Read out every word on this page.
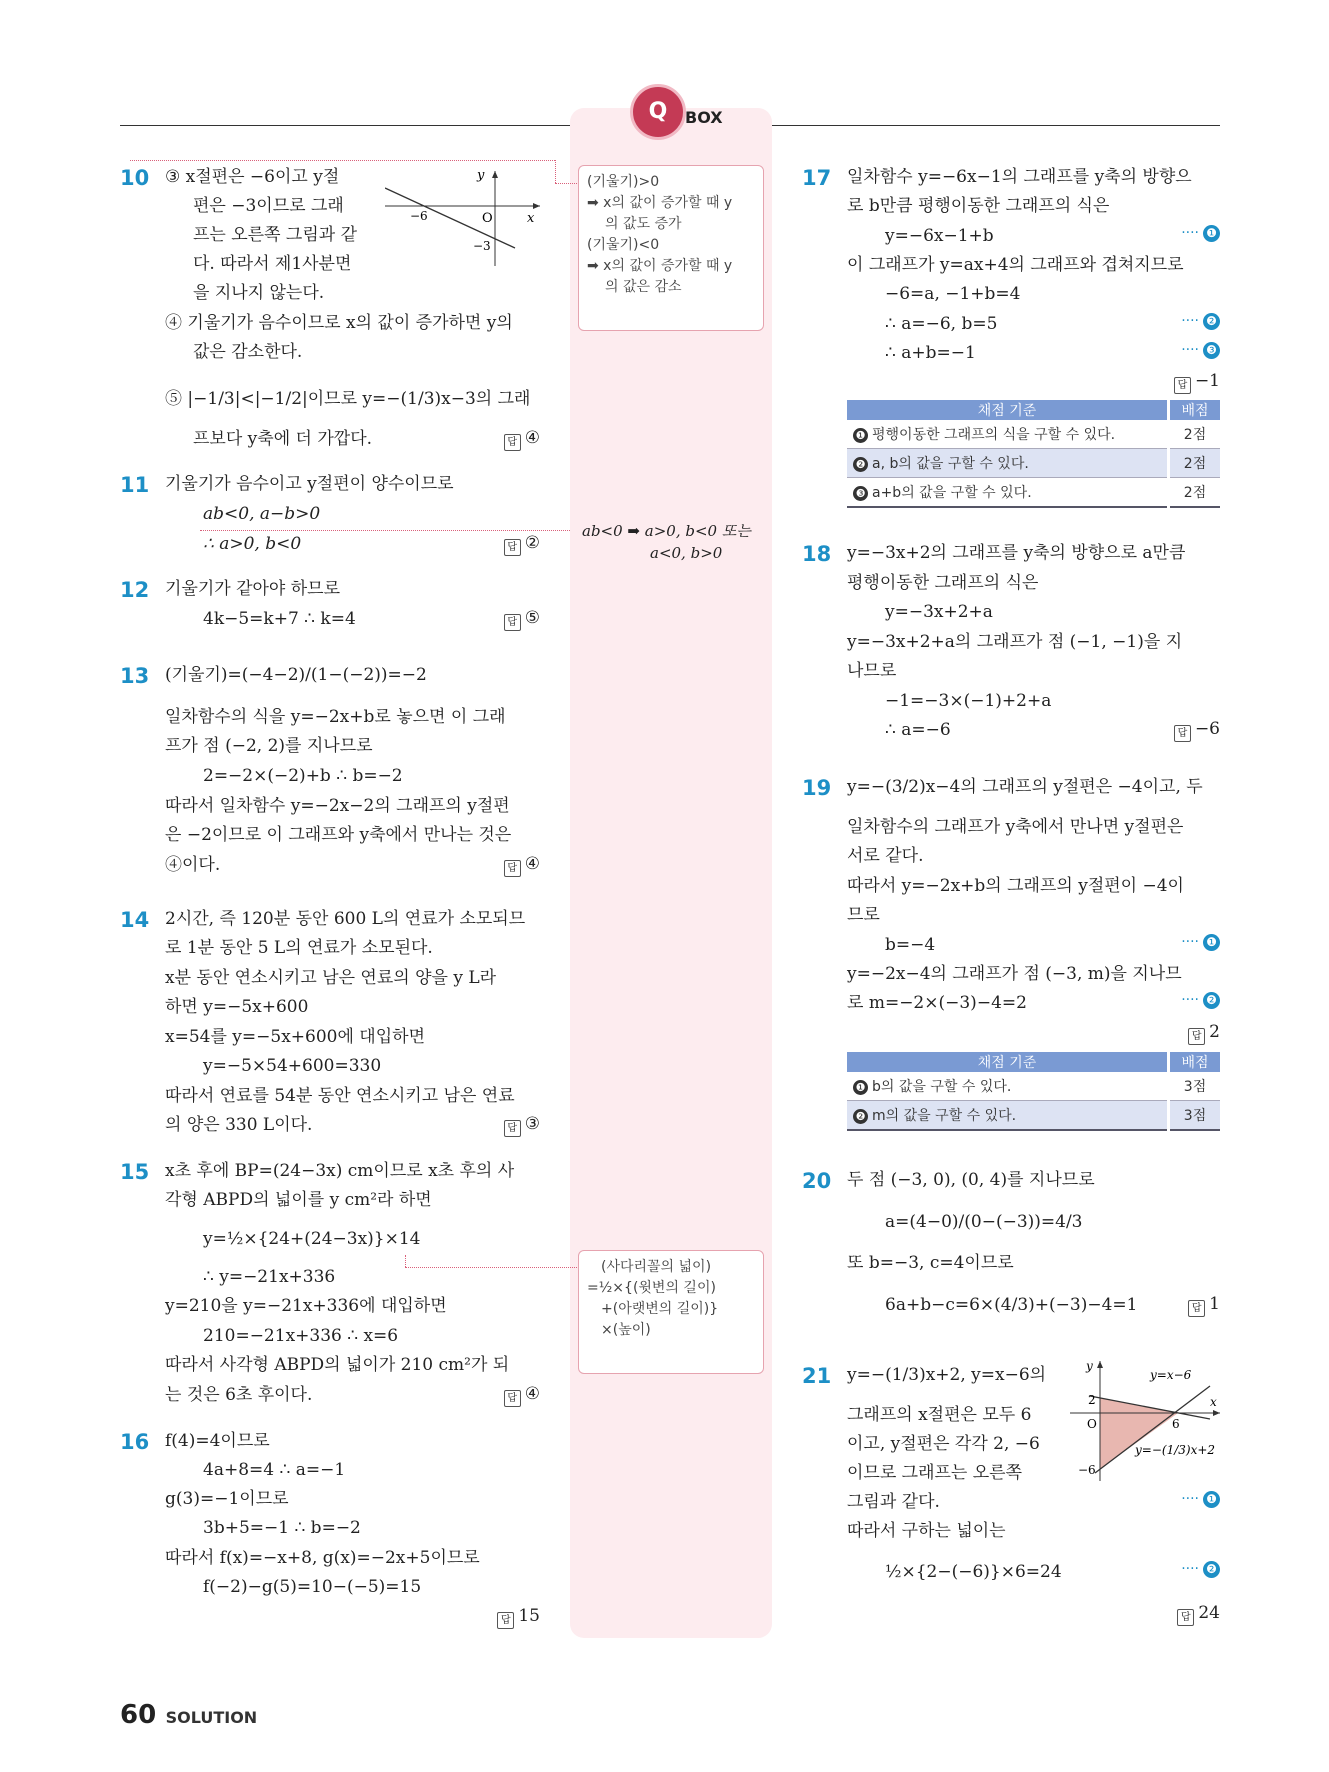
Q	BOX
(기울기)>0
➡ x의 값이 증가할 때 y
의 값도 증가
(기울기)<0
➡ x의 값이 증가할 때 y
의 값은 감소
ab<0 ➡ a>0, b<0 또는
a<0, b>0
(사다리꼴의 넓이)
=½×{(윗변의 길이)
+(아랫변의 길이)}
×(높이)
10 ③ x절편은 −6이고 y절
편은 −3이므로 그래
프는 오른쪽 그림과 같
다. 따라서 제1사분면
을 지나지 않는다.
④ 기울기가 음수이므로 x의 값이 증가하면 y의
값은 감소한다.
⑤ |−1/3|<|−1/2|이므로 y=−(1/3)x−3의 그래
프보다 y축에 더 가깝다.	답 ④
y
x
O
−6
−3
11 기울기가 음수이고 y절편이 양수이므로
ab<0, a−b>0
∴ a>0, b<0	답 ②
12 기울기가 같아야 하므로
4k−5=k+7 ∴ k=4	답 ⑤
13 (기울기)=(−4−2)/(1−(−2))=−2
일차함수의 식을 y=−2x+b로 놓으면 이 그래
프가 점 (−2, 2)를 지나므로
2=−2×(−2)+b ∴ b=−2
따라서 일차함수 y=−2x−2의 그래프의 y절편
은 −2이므로 이 그래프와 y축에서 만나는 것은
④이다.	답 ④
14 2시간, 즉 120분 동안 600 L의 연료가 소모되므
로 1분 동안 5 L의 연료가 소모된다.
x분 동안 연소시키고 남은 연료의 양을 y L라
하면 y=−5x+600
x=54를 y=−5x+600에 대입하면
y=−5×54+600=330
따라서 연료를 54분 동안 연소시키고 남은 연료
의 양은 330 L이다.	답 ③
15 x초 후에 BP=(24−3x) cm이므로 x초 후의 사
각형 ABPD의 넓이를 y cm²라 하면
y=½×{24+(24−3x)}×14
∴ y=−21x+336
y=210을 y=−21x+336에 대입하면
210=−21x+336 ∴ x=6
따라서 사각형 ABPD의 넓이가 210 cm²가 되
는 것은 6초 후이다.	답 ④
16 f(4)=4이므로
4a+8=4 ∴ a=−1
g(3)=−1이므로
3b+5=−1 ∴ b=−2
따라서 f(x)=−x+8, g(x)=−2x+5이므로
f(−2)−g(5)=10−(−5)=15
답 15
17 일차함수 y=−6x−1의 그래프를 y축의 방향으
로 b만큼 평행이동한 그래프의 식은
y=−6x−1+b	···· ❶
이 그래프가 y=ax+4의 그래프와 겹쳐지므로
−6=a, −1+b=4
∴ a=−6, b=5	···· ❷
∴ a+b=−1	···· ❸
답 −1
채점 기준	배점
❶ 평행이동한 그래프의 식을 구할 수 있다.	2점
❷ a, b의 값을 구할 수 있다.	2점
❸ a+b의 값을 구할 수 있다.	2점
18 y=−3x+2의 그래프를 y축의 방향으로 a만큼
평행이동한 그래프의 식은
y=−3x+2+a
y=−3x+2+a의 그래프가 점 (−1, −1)을 지
나므로
−1=−3×(−1)+2+a
∴ a=−6	답 −6
19 y=−(3/2)x−4의 그래프의 y절편은 −4이고, 두
일차함수의 그래프가 y축에서 만나면 y절편은
서로 같다.
따라서 y=−2x+b의 그래프의 y절편이 −4이
므로
b=−4	···· ❶
y=−2x−4의 그래프가 점 (−3, m)을 지나므
로 m=−2×(−3)−4=2	···· ❷
답 2
채점 기준	배점
❶ b의 값을 구할 수 있다.	3점
❷ m의 값을 구할 수 있다.	3점
20 두 점 (−3, 0), (0, 4)를 지나므로
a=(4−0)/(0−(−3))=4/3
또 b=−3, c=4이므로
6a+b−c=6×(4/3)+(−3)−4=1	답 1
21 y=−(1/3)x+2, y=x−6의
그래프의 x절편은 모두 6
이고, y절편은 각각 2, −6
이므로 그래프는 오른쪽
그림과 같다.	···· ❶
따라서 구하는 넓이는
½×{2−(−6)}×6=24	···· ❷
답 24
y
x
O
2
6
−6
y=x−6
y=−(1/3)x+2
60 SOLUTION
